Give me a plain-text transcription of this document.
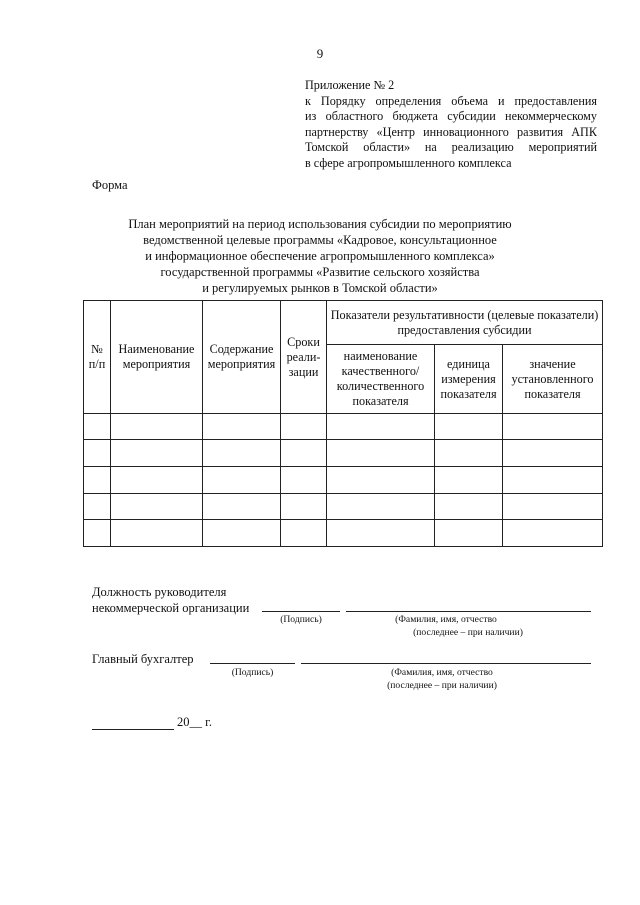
9
Приложение № 2
к Порядку определения объема и предоставления
из областного бюджета субсидии некоммерческому
партнерству «Центр инновационного развития АПК
Томской области» на реализацию мероприятий
в сфере агропромышленного комплекса
Форма
План мероприятий на период использования субсидии по мероприятию
ведомственной целевые программы «Кадровое, консультационное
и информационное обеспечение агропромышленного комплекса»
государственной программы «Развитие сельского хозяйства
и регулируемых рынков в Томской области»
№ п/п	Наименование мероприятия	Содержание мероприятия	Сроки реали-зации	Показатели результативности (целевые показатели) предоставления субсидии		
				наименование качественного/ количественного показателя	единица измерения показателя	значение установленного показателя

Должность руководителя
некоммерческой организации
(Подпись)	(Фамилия, имя, отчество
(последнее – при наличии)
Главный бухгалтер
(Подпись)	(Фамилия, имя, отчество
(последнее – при наличии)
20__ г.
